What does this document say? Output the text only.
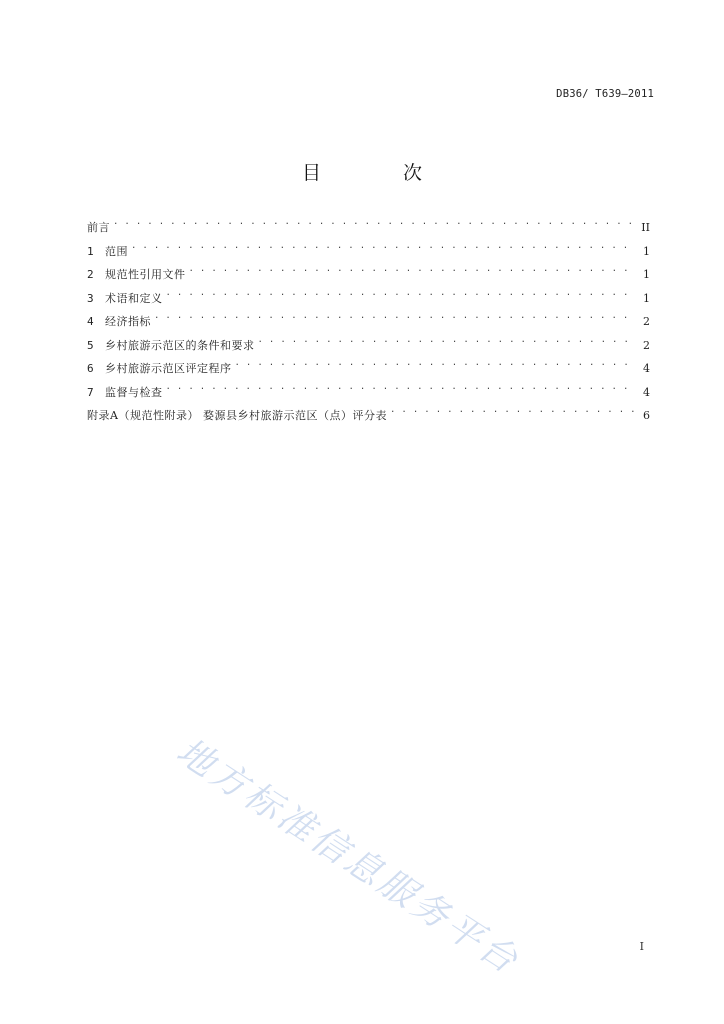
DB36/ T639—2011
目 次
前言 . . .	II
1	范围 . . .	1
2	规范性引用文件 . . .	1
3	术语和定义 . . .	1
4	经济指标 . . .	2
5	乡村旅游示范区的条件和要求 . . .	2
6	乡村旅游示范区评定程序 . . .	4
7	监督与检查 . . .	4
附录A（规范性附录） 婺源县乡村旅游示范区（点）评分表 . . .	6
地方标准信息服务平台	I
